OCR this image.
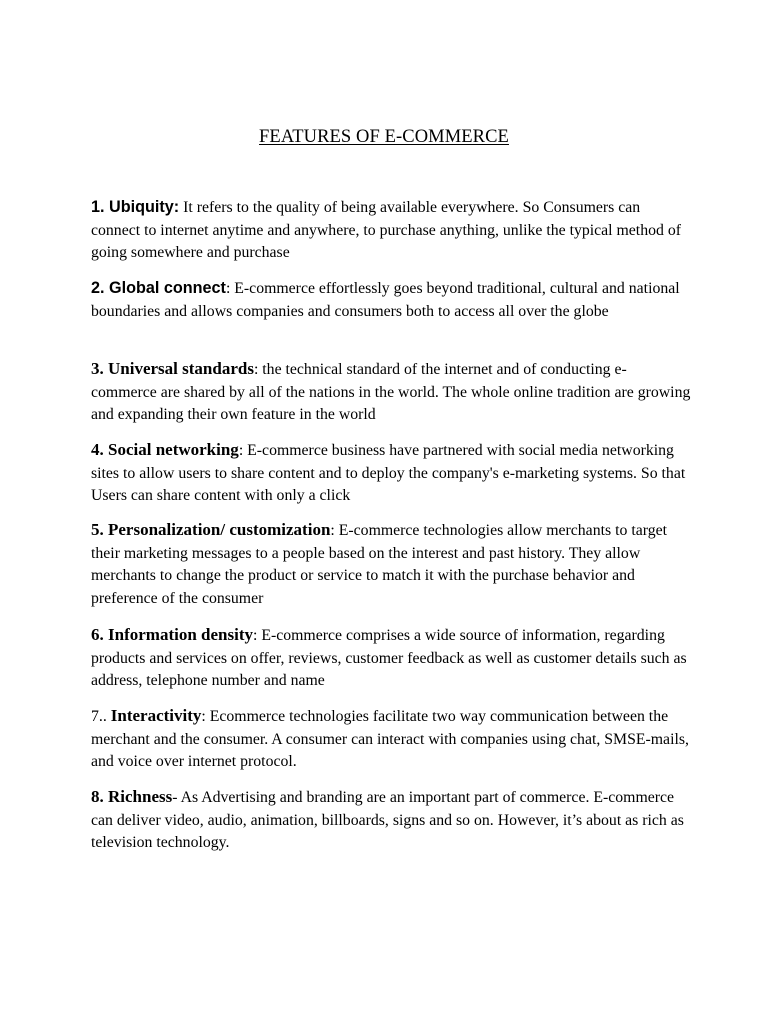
FEATURES OF E-COMMERCE
1. Ubiquity: It refers to the quality of being available everywhere. So Consumers can connect to internet anytime and anywhere, to purchase anything, unlike the typical method of going somewhere and purchase
2. Global connect: E-commerce effortlessly goes beyond traditional, cultural and national boundaries and allows companies and consumers both to access all over the globe
3. Universal standards: the technical standard of the internet and of conducting e- commerce are shared by all of the nations in the world. The whole online tradition are growing and expanding their own feature in the world
4. Social networking: E-commerce business have partnered with social media networking sites to allow users to share content and to deploy the company's e-marketing systems. So that Users can share content with only a click
5. Personalization/ customization: E-commerce technologies allow merchants to target their marketing messages to a people based on the interest and past history. They allow merchants to change the product or service to match it with the purchase behavior and preference of the consumer
6. Information density: E-commerce comprises a wide source of information, regarding products and services on offer, reviews, customer feedback as well as customer details such as address, telephone number and name
7.. Interactivity: Ecommerce technologies facilitate two way communication between the merchant and the consumer. A consumer can interact with companies using chat, SMSE-mails, and voice over internet protocol.
8. Richness- As Advertising and branding are an important part of commerce. E-commerce can deliver video, audio, animation, billboards, signs and so on. However, it’s about as rich as television technology.
